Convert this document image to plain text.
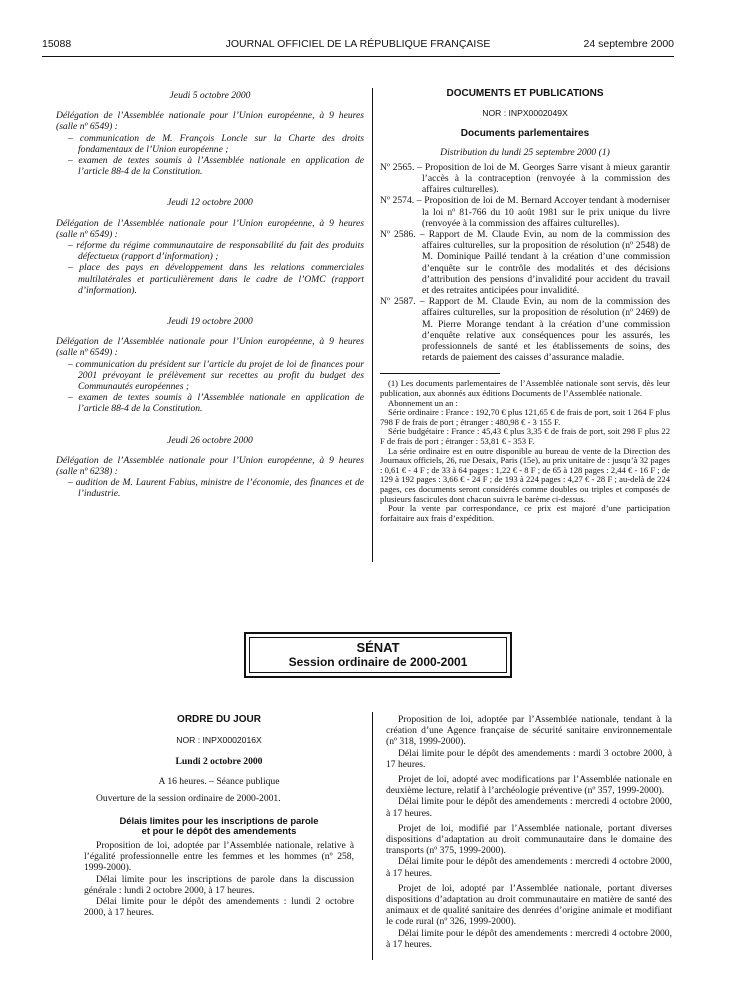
15088	JOURNAL OFFICIEL DE LA RÉPUBLIQUE FRANÇAISE	24 septembre 2000

Jeudi 5 octobre 2000

Délégation de l’Assemblée nationale pour l’Union européenne, à 9 heures (salle nº 6549) :

– communication de M. François Loncle sur la Charte des droits fondamentaux de l’Union européenne ;

– examen de textes soumis à l’Assemblée nationale en application de l’article 88-4 de la Constitution.

Jeudi 12 octobre 2000

Délégation de l’Assemblée nationale pour l’Union européenne, à 9 heures (salle nº 6549) :

– réforme du régime communautaire de responsabilité du fait des produits défectueux (rapport d’information) ;

– place des pays en développement dans les relations commerciales multilatérales et particulièrement dans le cadre de l’OMC (rapport d’information).

Jeudi 19 octobre 2000

Délégation de l’Assemblée nationale pour l’Union européenne, à 9 heures (salle nº 6549) :

– communication du président sur l’article du projet de loi de finances pour 2001 prévoyant le prélèvement sur recettes au profit du budget des Communautés européennes ;

– examen de textes soumis à l’Assemblée nationale en application de l’article 88-4 de la Constitution.

Jeudi 26 octobre 2000

Délégation de l’Assemblée nationale pour l’Union européenne, à 9 heures (salle nº 6238) :

– audition de M. Laurent Fabius, ministre de l’économie, des finances et de l’industrie.

DOCUMENTS ET PUBLICATIONS

NOR : INPX0002049X

Documents parlementaires

Distribution du lundi 25 septembre 2000 (1)

Nº 2565. – Proposition de loi de M. Georges Sarre visant à mieux garantir l’accès à la contraception (renvoyée à la commission des affaires culturelles).

Nº 2574. – Proposition de loi de M. Bernard Accoyer tendant à moderniser la loi nº 81-766 du 10 août 1981 sur le prix unique du livre (renvoyée à la commission des affaires culturelles).

Nº 2586. – Rapport de M. Claude Evin, au nom de la commission des affaires culturelles, sur la proposition de résolution (nº 2548) de M. Dominique Paillé tendant à la création d’une commission d’enquête sur le contrôle des modalités et des décisions d’attribution des pensions d’invalidité pour accident du travail et des retraites anticipées pour invalidité.

Nº 2587. – Rapport de M. Claude Evin, au nom de la commission des affaires culturelles, sur la proposition de résolution (nº 2469) de M. Pierre Morange tendant à la création d’une commission d’enquête relative aux conséquences pour les assurés, les professionnels de santé et les établissements de soins, des retards de paiement des caisses d’assurance maladie.

(1) Les documents parlementaires de l’Assemblée nationale sont servis, dès leur publication, aux abonnés aux éditions Documents de l’Assemblée nationale.

Abonnement un an :

Série ordinaire : France : 192,70 € plus 121,65 € de frais de port, soit 1 264 F plus 798 F de frais de port ; étranger : 480,98 € - 3 155 F.

Série budgétaire : France : 45,43 € plus 3,35 € de frais de port, soit 298 F plus 22 F de frais de port ; étranger : 53,81 € - 353 F.

La série ordinaire est en outre disponible au bureau de vente de la Direction des Journaux officiels, 26, rue Desaix, Paris (15e), au prix unitaire de : jusqu’à 32 pages : 0,61 € - 4 F ; de 33 à 64 pages : 1,22 € - 8 F ; de 65 à 128 pages : 2,44 € - 16 F ; de 129 à 192 pages : 3,66 € - 24 F ; de 193 à 224 pages : 4,27 € - 28 F ; au-delà de 224 pages, ces documents seront considérés comme doubles ou triples et composés de plusieurs fascicules dont chacun suivra le barème ci-dessus.

Pour la vente par correspondance, ce prix est majoré d’une participation forfaitaire aux frais d’expédition.

SÉNAT
Session ordinaire de 2000-2001

ORDRE DU JOUR

NOR : INPX0002016X

Lundi 2 octobre 2000

A 16 heures. – Séance publique

Ouverture de la session ordinaire de 2000-2001.

Délais limites pour les inscriptions de parole
et pour le dépôt des amendements

Proposition de loi, adoptée par l’Assemblée nationale, relative à l’égalité professionnelle entre les femmes et les hommes (nº 258, 1999-2000).

Délai limite pour les inscriptions de parole dans la discussion générale : lundi 2 octobre 2000, à 17 heures.

Délai limite pour le dépôt des amendements : lundi 2 octobre 2000, à 17 heures.

Proposition de loi, adoptée par l’Assemblée nationale, tendant à la création d’une Agence française de sécurité sanitaire environnementale (nº 318, 1999-2000).

Délai limite pour le dépôt des amendements : mardi 3 octobre 2000, à 17 heures.

Projet de loi, adopté avec modifications par l’Assemblée nationale en deuxième lecture, relatif à l’archéologie préventive (nº 357, 1999-2000).

Délai limite pour le dépôt des amendements : mercredi 4 octobre 2000, à 17 heures.

Projet de loi, modifié par l’Assemblée nationale, portant diverses dispositions d’adaptation au droit communautaire dans le domaine des transports (nº 375, 1999-2000).

Délai limite pour le dépôt des amendements : mercredi 4 octobre 2000, à 17 heures.

Projet de loi, adopté par l’Assemblée nationale, portant diverses dispositions d’adaptation au droit communautaire en matière de santé des animaux et de qualité sanitaire des denrées d’origine animale et modifiant le code rural (nº 326, 1999-2000).

Délai limite pour le dépôt des amendements : mercredi 4 octobre 2000, à 17 heures.
